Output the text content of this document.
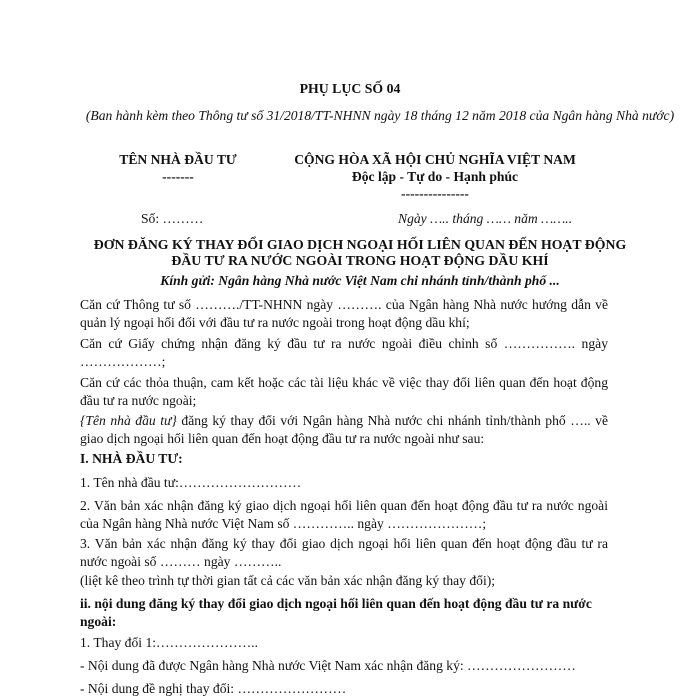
PHỤ LỤC SỐ 04
(Ban hành kèm theo Thông tư số 31/2018/TT-NHNN ngày 18 tháng 12 năm 2018 của Ngân hàng Nhà nước)
TÊN NHÀ ĐẦU TƯ
-------
CỘNG HÒA XÃ HỘI CHỦ NGHĨA VIỆT NAM
Độc lập - Tự do - Hạnh phúc
---------------
Số: ………	Ngày ….. tháng …… năm ……..
ĐƠN ĐĂNG KÝ THAY ĐỔI GIAO DỊCH NGOẠI HỐI LIÊN QUAN ĐẾN HOẠT ĐỘNG
ĐẦU TƯ RA NƯỚC NGOÀI TRONG HOẠT ĐỘNG DẦU KHÍ
Kính gửi: Ngân hàng Nhà nước Việt Nam chi nhánh tỉnh/thành phố ...
Căn cứ Thông tư số ………./TT-NHNN ngày ………. của Ngân hàng Nhà nước hướng dẫn về quản lý ngoại hối đối với đầu tư ra nước ngoài trong hoạt động dầu khí;
Căn cứ Giấy chứng nhận đăng ký đầu tư ra nước ngoài điều chỉnh số ……………. ngày ………………;
Căn cứ các thỏa thuận, cam kết hoặc các tài liệu khác về việc thay đổi liên quan đến hoạt động đầu tư ra nước ngoài;
{Tên nhà đầu tư} đăng ký thay đổi với Ngân hàng Nhà nước chi nhánh tỉnh/thành phố ….. về giao dịch ngoại hối liên quan đến hoạt động đầu tư ra nước ngoài như sau:
I. NHÀ ĐẦU TƯ:
1. Tên nhà đầu tư:………………………
2. Văn bản xác nhận đăng ký giao dịch ngoại hối liên quan đến hoạt động đầu tư ra nước ngoài của Ngân hàng Nhà nước Việt Nam số ………….. ngày …………………;
3. Văn bản xác nhận đăng ký thay đổi giao dịch ngoại hối liên quan đến hoạt động đầu tư ra nước ngoài số ……… ngày ………..
(liệt kê theo trình tự thời gian tất cả các văn bản xác nhận đăng ký thay đổi);
ii. nội dung đăng ký thay đổi giao dịch ngoại hối liên quan đến hoạt động đầu tư ra nước ngoài:
1. Thay đổi 1:…………………..
- Nội dung đã được Ngân hàng Nhà nước Việt Nam xác nhận đăng ký: ……………………
- Nội dung đề nghị thay đổi: ……………………
